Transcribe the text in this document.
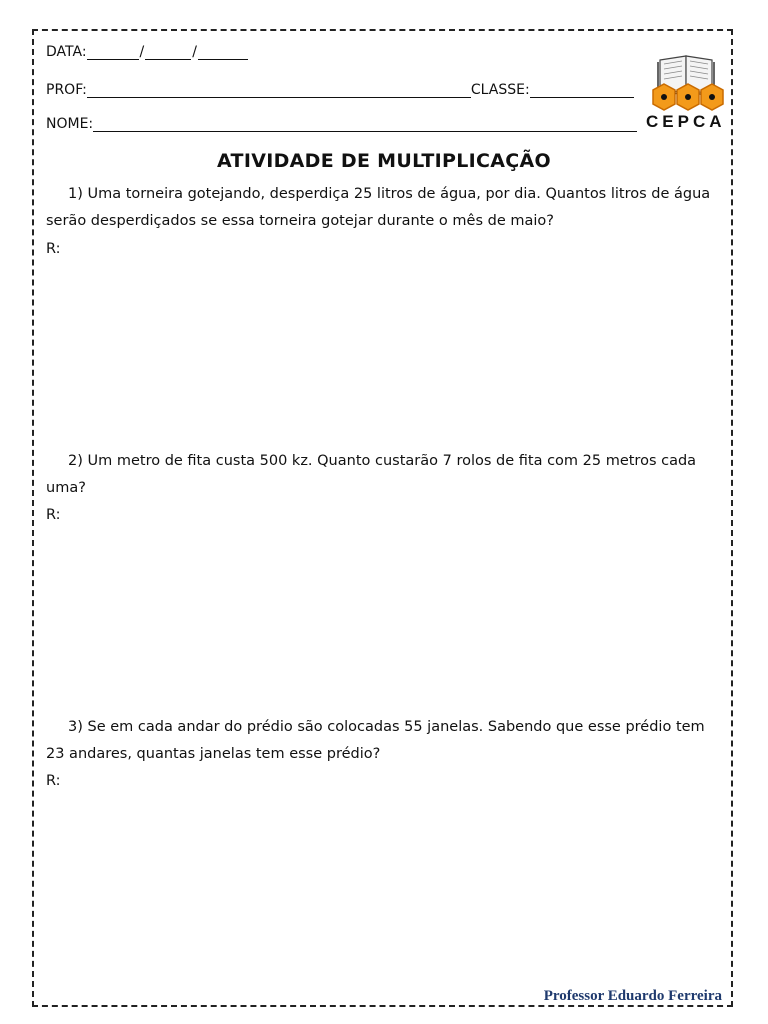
DATA:	/	/
PROF:	CLASSE:
NOME:	CEPCA
ATIVIDADE DE MULTIPLICAÇÃO

1) Uma torneira gotejando, desperdiça 25 litros de água, por dia. Quantos litros de água serão desperdiçados se essa torneira gotejar durante o mês de maio?

R:

2) Um metro de fita custa 500 kz. Quanto custarão 7 rolos de fita com 25 metros cada uma?

R:

3) Se em cada andar do prédio são colocadas 55 janelas. Sabendo que esse prédio tem 23 andares, quantas janelas tem esse prédio?

R:
Professor Eduardo Ferreira
